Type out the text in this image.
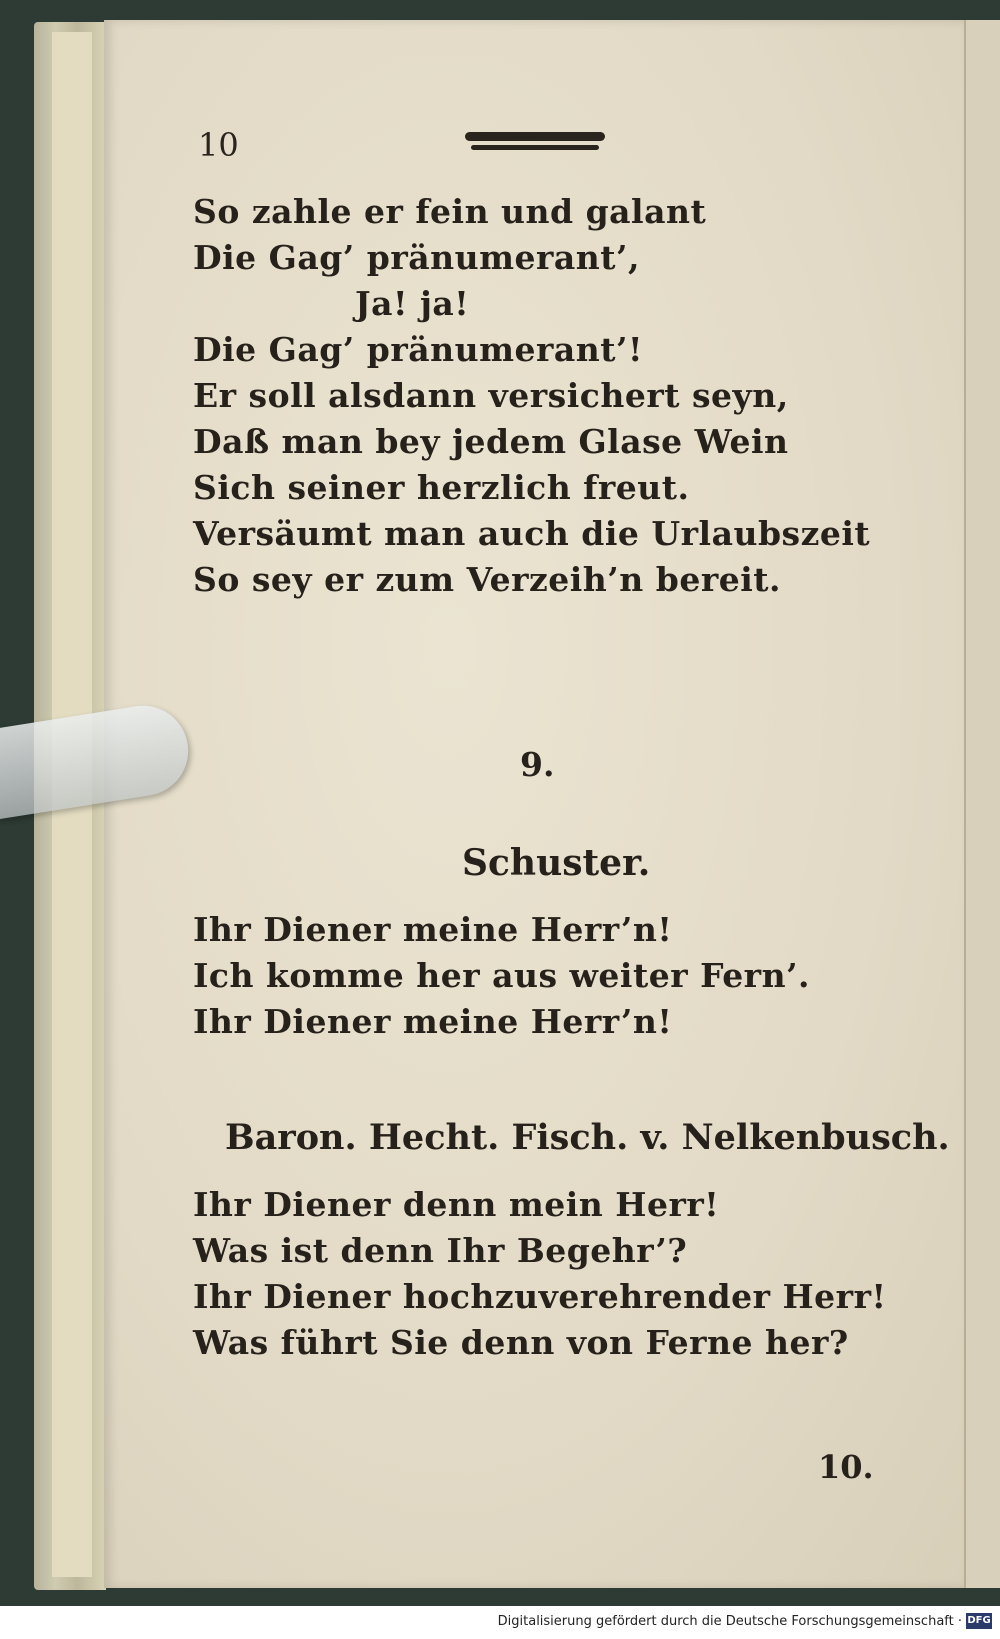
10
So zahle er fein und galant
Die Gag’ pränumerant’,
Ja! ja!
Die Gag’ pränumerant’!
Er soll alsdann versichert seyn,
Daß man bey jedem Glase Wein
Sich seiner herzlich freut.
Versäumt man auch die Urlaubszeit
So sey er zum Verzeih’n bereit.
9.
Schuster.
Ihr Diener meine Herr’n!
Ich komme her aus weiter Fern’.
Ihr Diener meine Herr’n!
Baron. Hecht. Fisch. v. Nelkenbusch.
Ihr Diener denn mein Herr!
Was ist denn Ihr Begehr’?
Ihr Diener hochzuverehrender Herr!
Was führt Sie denn von Ferne her?
10.
Digitalisierung gefördert durch die Deutsche Forschungsgemeinschaft · DFG
